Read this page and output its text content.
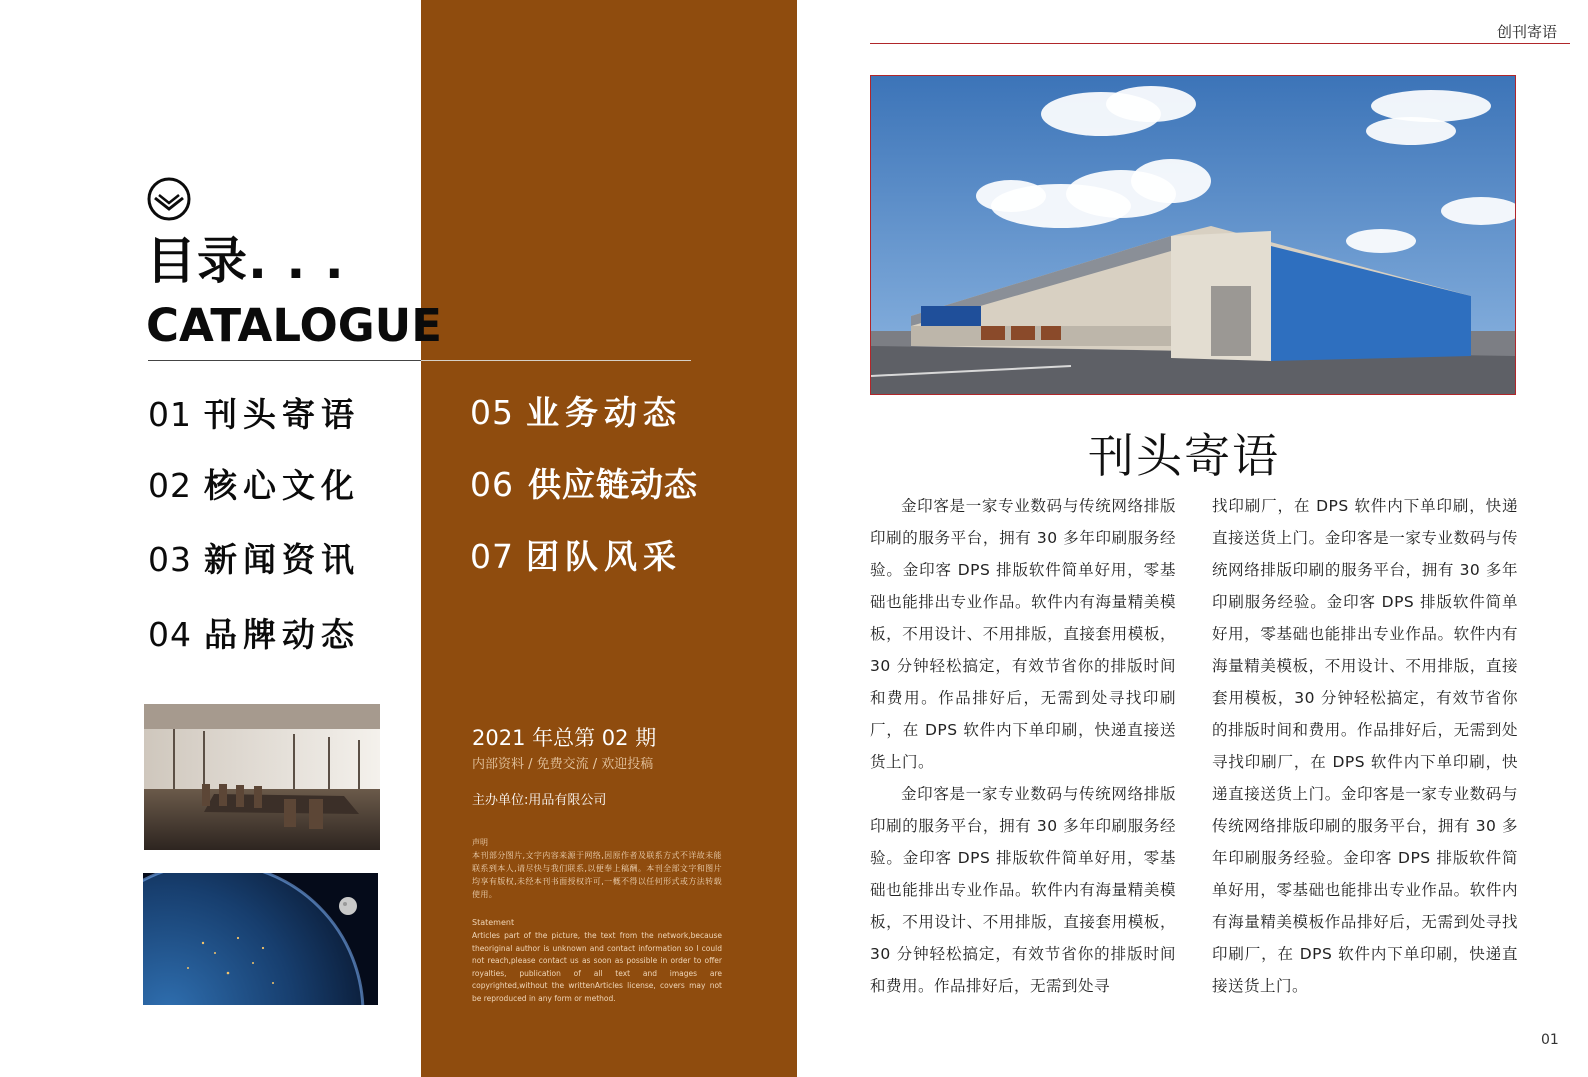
目录. . .
CATALOGUE
01 刊头寄语
02 核心文化
03 新闻资讯
04 品牌动态
05 业务动态
06 供应链动态
07 团队风采
2021 年总第 02 期
内部资料 / 免费交流 / 欢迎投稿
主办单位:用品有限公司
声明
本刊部分图片,文字内容来源于网络,因原作者及联系方式不详故未能联系到本人,请尽快与我们联系,以便奉上稿酬。本刊全部文字和图片均享有版权,未经本刊书面授权许可,一概不得以任何形式或方法转载使用。
Statement
Articles part of the picture, the text from the network,because theoriginal author is unknown and contact information so I could not reach,please contact us as soon as possible in order to offer royalties, publication of all text and images are copyrighted,without the writtenArticles license, covers may not be reproduced in any form or method.
创刊寄语
刊头寄语

金印客是一家专业数码与传统网络排版印刷的服务平台，拥有 30 多年印刷服务经验。金印客 DPS 排版软件简单好用，零基础也能排出专业作品。软件内有海量精美模板，不用设计、不用排版，直接套用模板，30 分钟轻松搞定，有效节省你的排版时间和费用。作品排好后，无需到处寻找印刷厂，在 DPS 软件内下单印刷，快递直接送货上门。

金印客是一家专业数码与传统网络排版印刷的服务平台，拥有 30 多年印刷服务经验。金印客 DPS 排版软件简单好用，零基础也能排出专业作品。软件内有海量精美模板，不用设计、不用排版，直接套用模板，30 分钟轻松搞定，有效节省你的排版时间和费用。作品排好后，无需到处寻

找印刷厂，在 DPS 软件内下单印刷，快递直接送货上门。金印客是一家专业数码与传统网络排版印刷的服务平台，拥有 30 多年印刷服务经验。金印客 DPS 排版软件简单好用，零基础也能排出专业作品。软件内有海量精美模板，不用设计、不用排版，直接套用模板，30 分钟轻松搞定，有效节省你的排版时间和费用。作品排好后，无需到处寻找印刷厂，在 DPS 软件内下单印刷，快递直接送货上门。金印客是一家专业数码与传统网络排版印刷的服务平台，拥有 30 多年印刷服务经验。金印客 DPS 排版软件简单好用，零基础也能排出专业作品。软件内有海量精美模板作品排好后，无需到处寻找印刷厂，在 DPS 软件内下单印刷，快递直接送货上门。

01
